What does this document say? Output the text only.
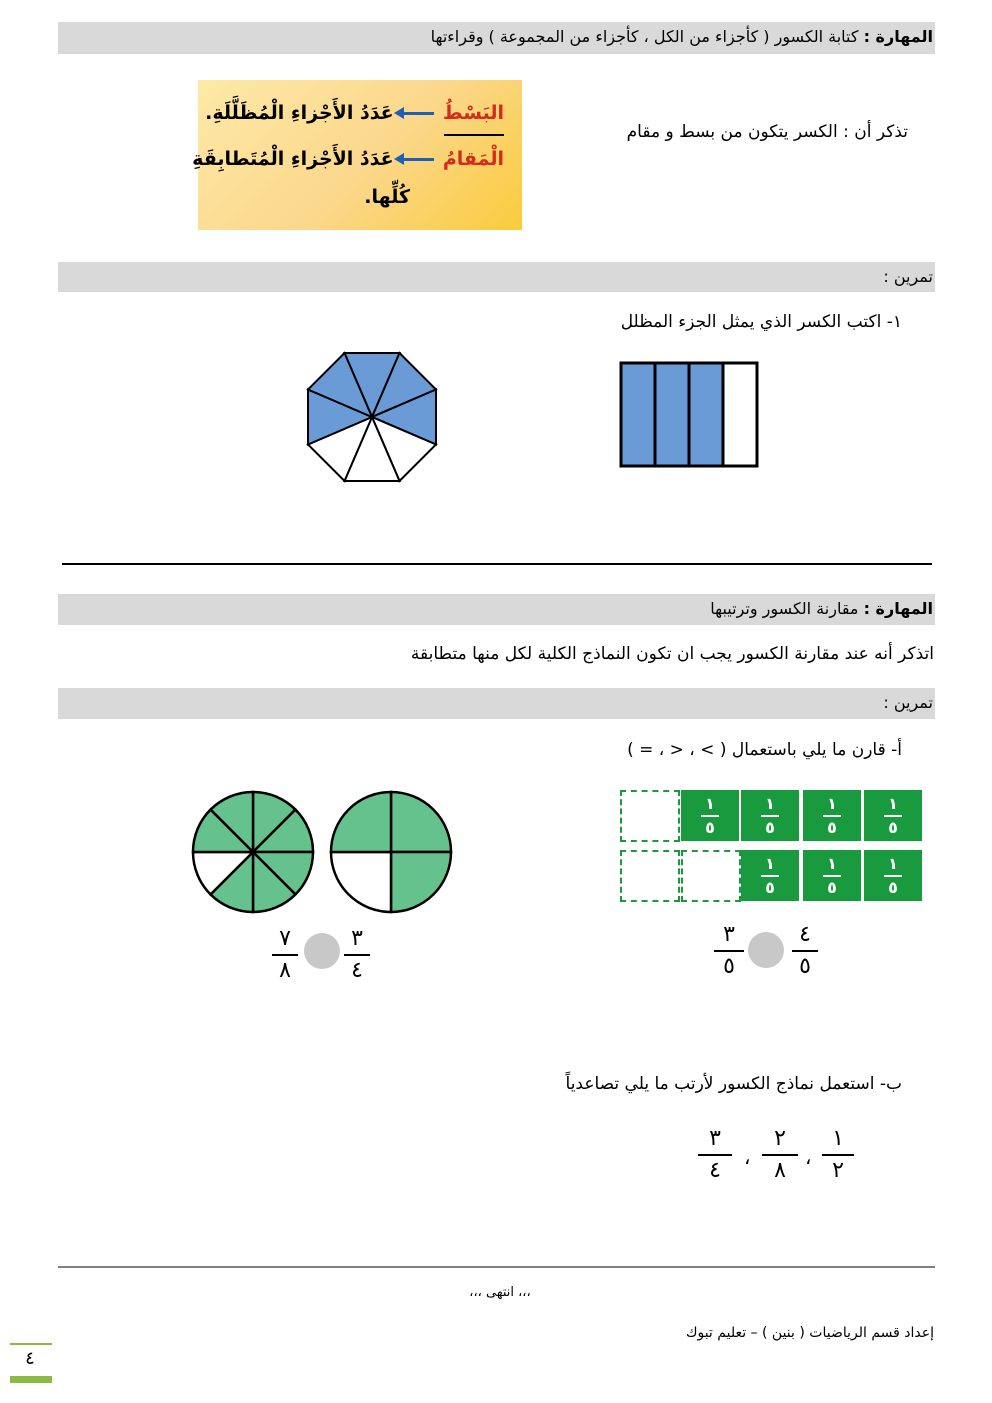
المهارة : كتابة الكسور ( كأجزاء من الكل ، كأجزاء من المجموعة ) وقراءتها
البَسْطُ  عَدَدُ الأَجْزاءِ الْمُظَلَّلَةِ.
الْمَقامُ  عَدَدُ الأَجْزاءِ الْمُتَطابِقَةِ
كُلِّها.
تذكر أن : الكسر يتكون من بسط و مقام
تمرين :
١- اكتب الكسر الذي يمثل الجزء المظلل
المهارة : مقارنة الكسور وترتيبها
اتذكر أنه عند مقارنة الكسور يجب ان تكون النماذج الكلية لكل منها متطابقة
تمرين :
أ- قارن ما يلي باستعمال ( > ، < ، = )
٣
٤
٧
٨
١
٥
١
٥
١
٥
١
٥
١
٥
١
٥
١
٥
٤
٥
٣
٥
ب- استعمل نماذج الكسور لأرتب ما يلي تصاعدياً
١
٢
،
٢
٨
،
٣
٤
،،، انتهى ،،،
إعداد قسم الرياضيات ( بنين ) – تعليم تبوك
٤
